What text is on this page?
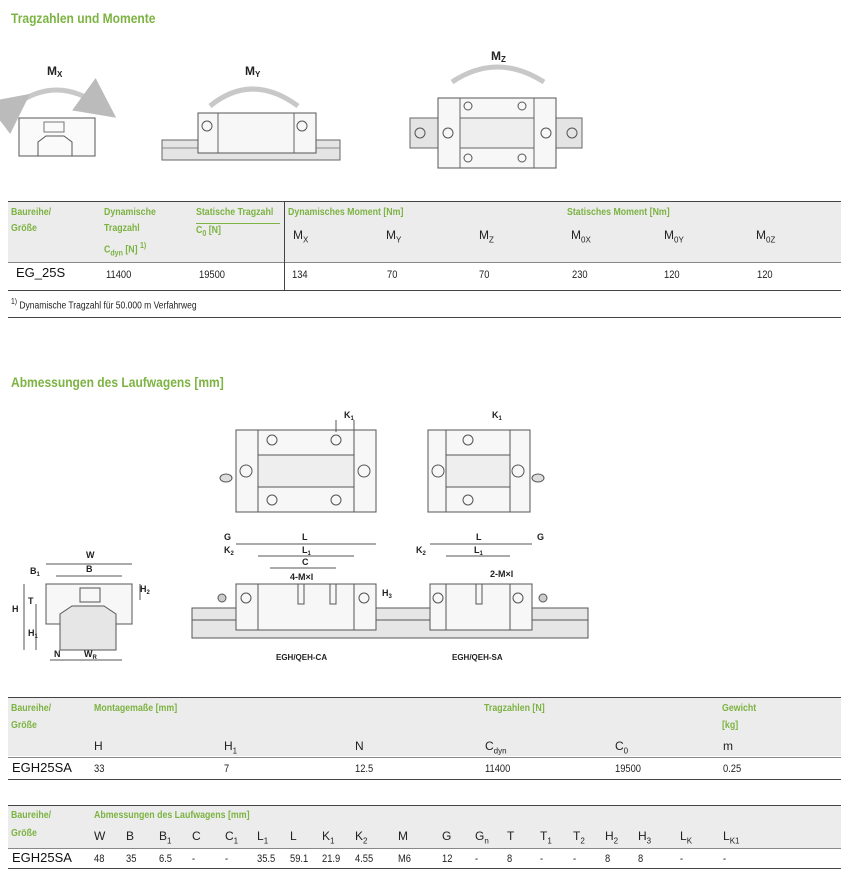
Tragzahlen und Momente
Abmessungen des Laufwagens [mm]
MX	MY
MZ
Baureihe/
Größe
Dynamische
Tragzahl
$C_{dyn}$ [N] $^{1)}$
Statische Tragzahl
$C_0$ [N]
Dynamisches Moment [Nm]	Statisches Moment [Nm]
$M_X$	$M_Y$	$M_Z$	$M_{0X}$	$M_{0Y}$	$M_{0Z}$
EG_25S	11400	19500	134	70	70	230	120	120
$^{1)}$ Dynamische Tragzahl für 50.000 m Verfahrweg
W
B
$B_1$
H
T
$H_1$
$H_2$
N	$W_R$
$K_1$	$K_1$
G
$K_2$
L
$L_1$
C
4-M×l
$H_3$
L
$L_1$
$K_2$
G
2-M×l
EGH/QEH-CA	EGH/QEH-SA
Baureihe/
Größe
Montagemaße [mm]	Tragzahlen [N]	Gewicht
[kg]
H	$H_1$	N	$C_{dyn}$	$C_0$	m
EGH25SA 33	7	12.5	11400	19500	0.25
Baureihe/
Größe
Abmessungen des Laufwagens [mm]
W B $B_1$ C $C_1$ $L_1$ L $K_1$ $K_2$	M	G $G_n$ T $T_1$ $T_2$ $H_2$ $H_3$ $L_K$	$L_{K1}$
EGH25SA 48 35 6.5 -	-	35.5 59.1 21.9 4.55 M6	12 -	8	-	-	8	8	-	-
